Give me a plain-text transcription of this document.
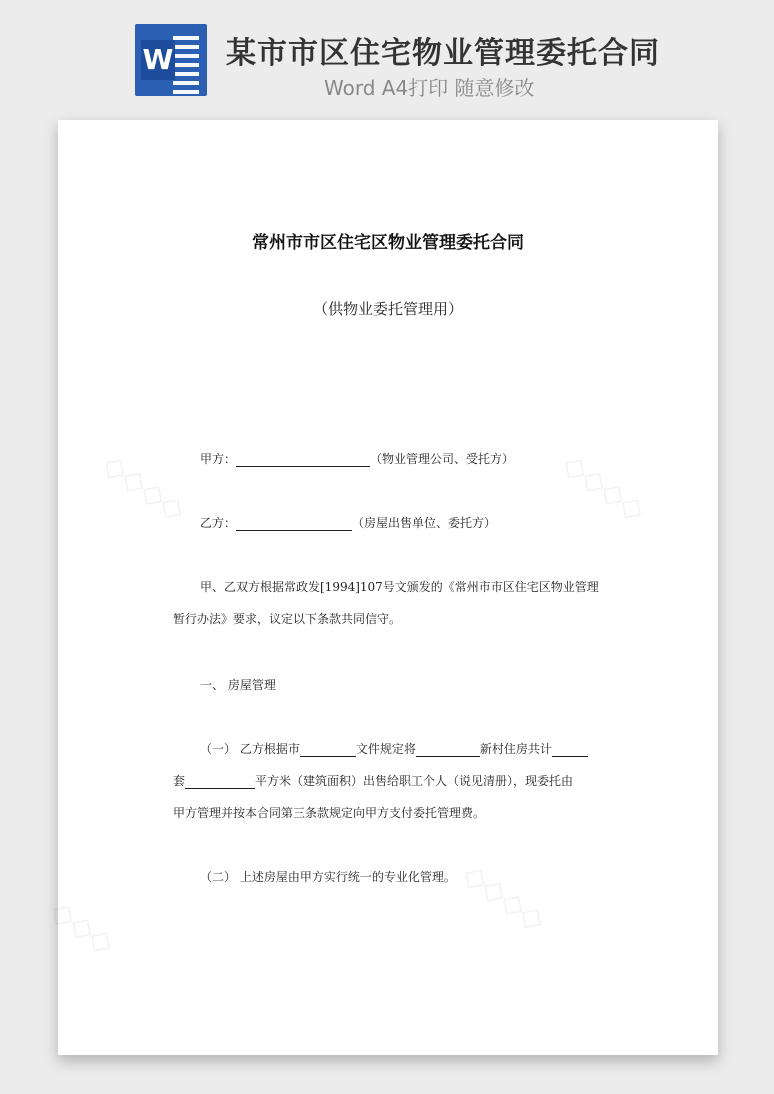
W 某市市区住宅物业管理委托合同
Word A4打印 随意修改
◇◇◇◇	◇◇◇◇
◇◇◇◇
◇◇◇
常州市市区住宅区物业管理委托合同
（供物业委托管理用）
甲方：	（物业管理公司、受托方）
乙方：	（房屋出售单位、委托方）
甲、乙双方根据常政发[1994]107号文颁发的《常州市市区住宅区物业管理
暂行办法》要求，议定以下条款共同信守。
一、 房屋管理
（一） 乙方根据市	文件规定将	新村住房共计
套	平方米（建筑面积）出售给职工个人（说见清册），现委托由
甲方管理并按本合同第三条款规定向甲方支付委托管理费。
（二） 上述房屋由甲方实行统一的专业化管理。
